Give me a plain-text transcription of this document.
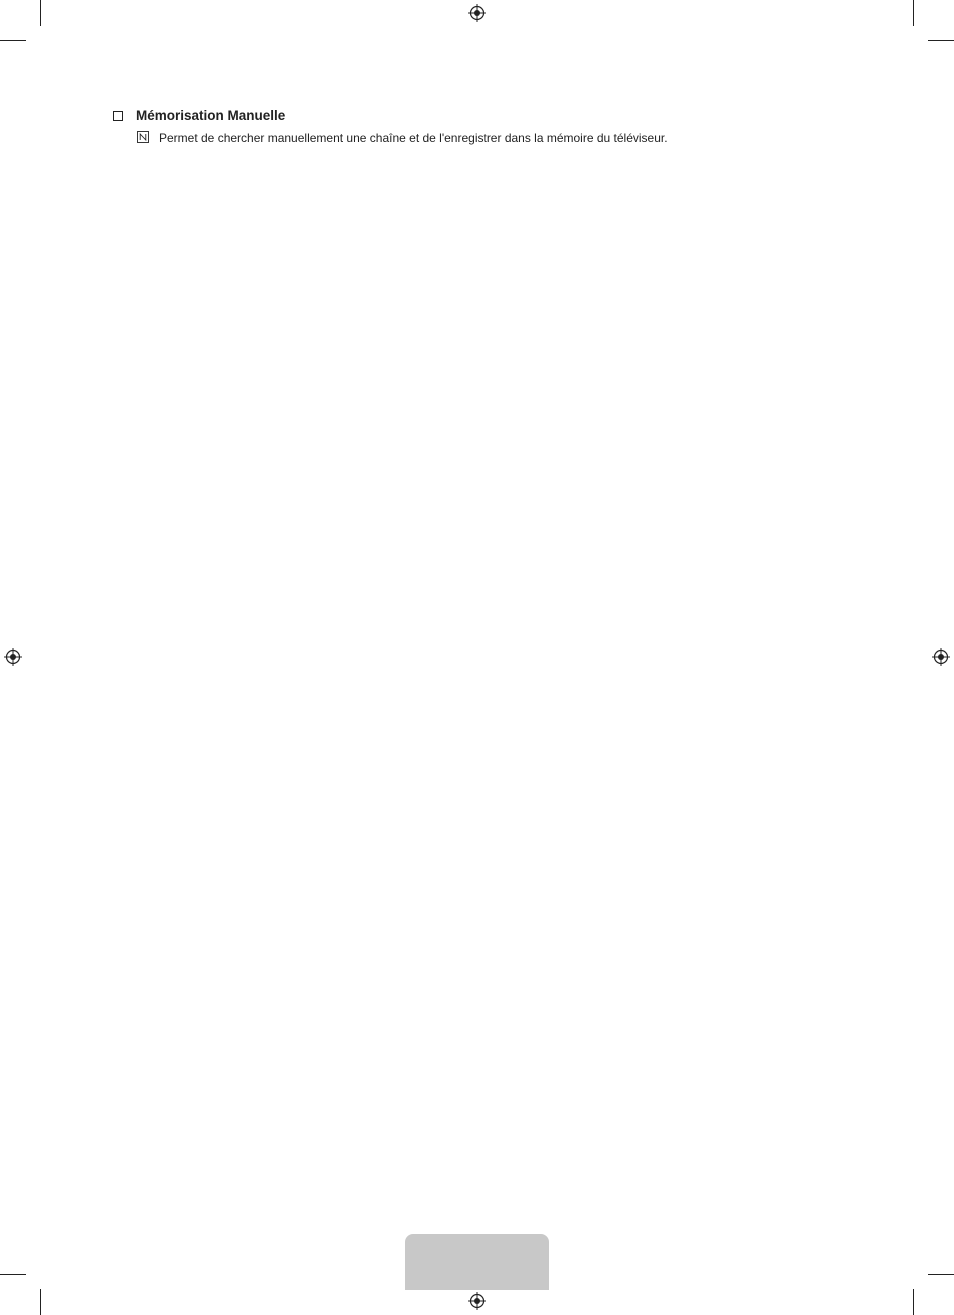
Mémorisation Manuelle
Permet de chercher manuellement une chaîne et de l'enregistrer dans la mémoire du téléviseur.
